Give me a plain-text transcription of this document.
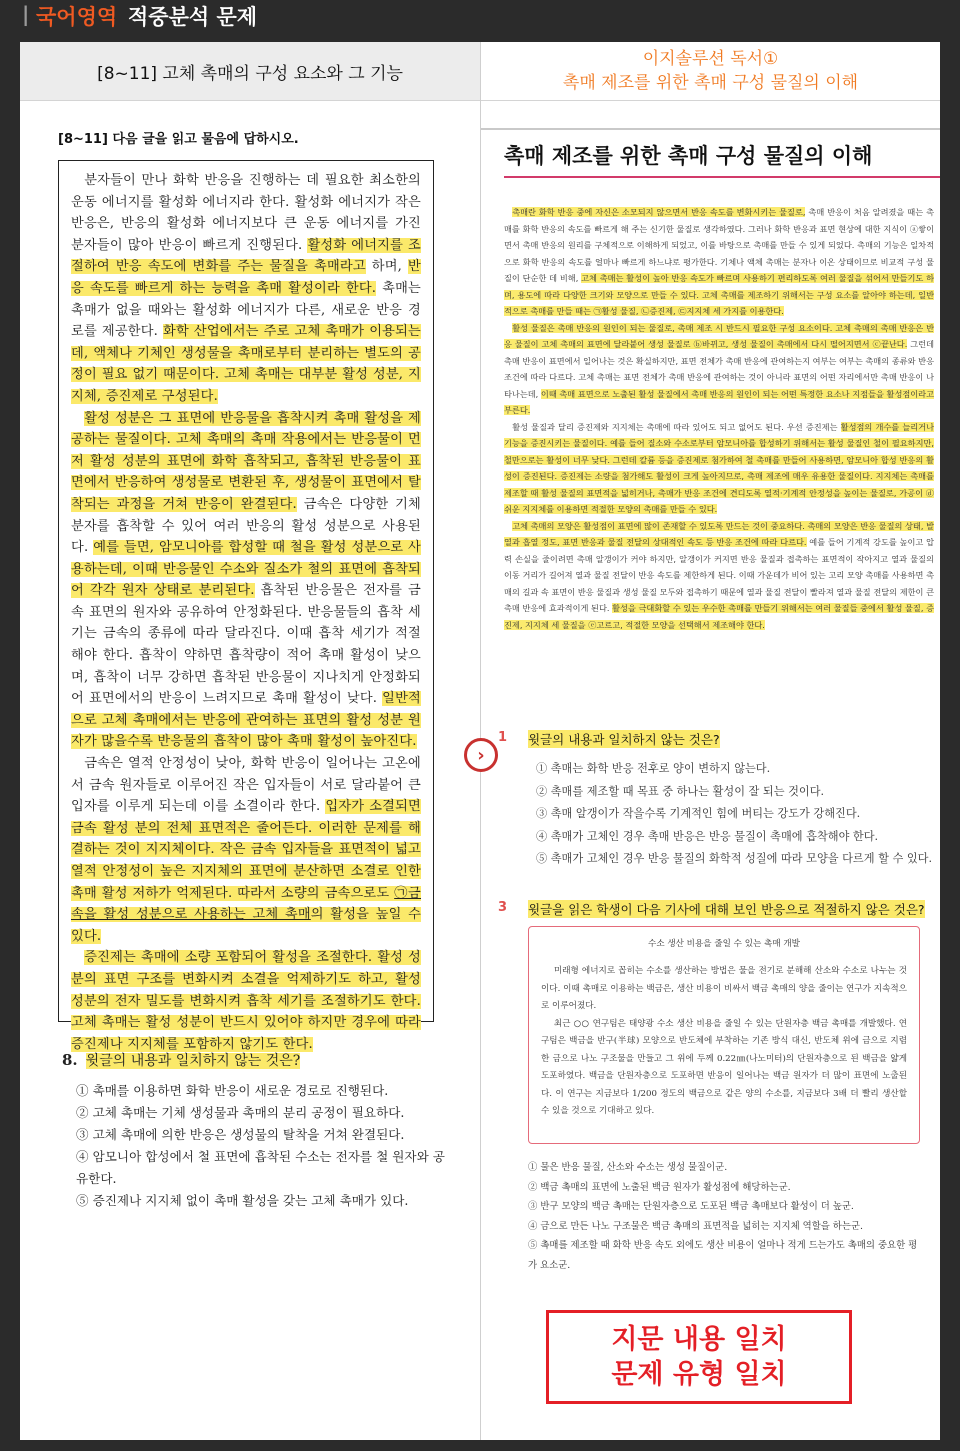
| 국어영역 적중분석 문제
[8~11] 고체 촉매의 구성 요소와 그 기능
이지솔루션 독서①
촉매 제조를 위한 촉매 구성 물질의 이해
[8~11] 다음 글을 읽고 물음에 답하시오.

분자들이 만나 화학 반응을 진행하는 데 필요한 최소한의 운동 에너지를 활성화 에너지라 한다. 활성화 에너지가 작은 반응은, 반응의 활성화 에너지보다 큰 운동 에너지를 가진 분자들이 많아 반응이 빠르게 진행된다. 활성화 에너지를 조절하여 반응 속도에 변화를 주는 물질을 촉매라고 하며, 반응 속도를 빠르게 하는 능력을 촉매 활성이라 한다. 촉매는 촉매가 없을 때와는 활성화 에너지가 다른, 새로운 반응 경로를 제공한다. 화학 산업에서는 주로 고체 촉매가 이용되는데, 액체나 기체인 생성물을 촉매로부터 분리하는 별도의 공정이 필요 없기 때문이다. 고체 촉매는 대부분 활성 성분, 지지체, 증진제로 구성된다.

활성 성분은 그 표면에 반응물을 흡착시켜 촉매 활성을 제공하는 물질이다. 고체 촉매의 촉매 작용에서는 반응물이 먼저 활성 성분의 표면에 화학 흡착되고, 흡착된 반응물이 표면에서 반응하여 생성물로 변환된 후, 생성물이 표면에서 탈착되는 과정을 거쳐 반응이 완결된다. 금속은 다양한 기체 분자를 흡착할 수 있어 여러 반응의 활성 성분으로 사용된다. 예를 들면, 암모니아를 합성할 때 철을 활성 성분으로 사용하는데, 이때 반응물인 수소와 질소가 철의 표면에 흡착되어 각각 원자 상태로 분리된다. 흡착된 반응물은 전자를 금속 표면의 원자와 공유하여 안정화된다. 반응물들의 흡착 세기는 금속의 종류에 따라 달라진다. 이때 흡착 세기가 적절해야 한다. 흡착이 약하면 흡착량이 적어 촉매 활성이 낮으며, 흡착이 너무 강하면 흡착된 반응물이 지나치게 안정화되어 표면에서의 반응이 느려지므로 촉매 활성이 낮다. 일반적으로 고체 촉매에서는 반응에 관여하는 표면의 활성 성분 원자가 많을수록 반응물의 흡착이 많아 촉매 활성이 높아진다.

금속은 열적 안정성이 낮아, 화학 반응이 일어나는 고온에서 금속 원자들로 이루어진 작은 입자들이 서로 달라붙어 큰 입자를 이루게 되는데 이를 소결이라 한다. 입자가 소결되면 금속 활성 분의 전체 표면적은 줄어든다. 이러한 문제를 해결하는 것이 지지체이다. 작은 금속 입자들을 표면적이 넓고 열적 안정성이 높은 지지체의 표면에 분산하면 소결로 인한 촉매 활성 저하가 억제된다. 따라서 소량의 금속으로도 ㉠금속을 활성 성분으로 사용하는 고체 촉매의 활성을 높일 수 있다.

증진제는 촉매에 소량 포함되어 활성을 조절한다. 활성 성분의 표면 구조를 변화시켜 소결을 억제하기도 하고, 활성 성분의 전자 밀도를 변화시켜 흡착 세기를 조절하기도 한다. 고체 촉매는 활성 성분이 반드시 있어야 하지만 경우에 따라 증진제나 지지체를 포함하지 않기도 한다.

8. 윗글의 내용과 일치하지 않는 것은?
① 촉매를 이용하면 화학 반응이 새로운 경로로 진행된다.
② 고체 촉매는 기체 생성물과 촉매의 분리 공정이 필요하다.
③ 고체 촉매에 의한 반응은 생성물의 탈착을 거쳐 완결된다.
④ 암모니아 합성에서 철 표면에 흡착된 수소는 전자를 철 원자와 공유한다.
⑤ 증진제나 지지체 없이 촉매 활성을 갖는 고체 촉매가 있다.
촉매 제조를 위한 촉매 구성 물질의 이해

촉매란 화학 반응 중에 자신은 소모되지 않으면서 반응 속도를 변화시키는 물질로, 촉매 반응이 처음 알려졌을 때는 촉매를 화학 반응의 속도를 빠르게 해 주는 신기한 물질로 생각하였다. 그러나 화학 반응과 표면 현상에 대한 지식이 ⓐ쌓이면서 촉매 반응의 원리를 구체적으로 이해하게 되었고, 이를 바탕으로 촉매를 만들 수 있게 되었다. 촉매의 기능은 일차적으로 화학 반응의 속도를 얼마나 빠르게 하느냐로 평가한다. 기체나 액체 촉매는 분자나 이온 상태이므로 비교적 구성 물질이 단순한 데 비해, 고체 촉매는 활성이 높아 반응 속도가 빠르며 사용하기 편리하도록 여러 물질을 섞어서 만들기도 하며, 용도에 따라 다양한 크기와 모양으로 만들 수 있다. 고체 촉매를 제조하기 위해서는 구성 요소를 알아야 하는데, 일반적으로 촉매를 만들 때는 ㉠활성 물질, ㉡증진제, ㉢지지체 세 가지를 이용한다.

활성 물질은 촉매 반응의 원인이 되는 물질로, 촉매 제조 시 반드시 필요한 구성 요소이다. 고체 촉매의 촉매 반응은 반응 물질이 고체 촉매의 표면에 달라붙어 생성 물질로 ⓑ바뀌고, 생성 물질이 촉매에서 다시 떨어지면서 ⓒ끝난다. 그런데 촉매 반응이 표면에서 일어나는 것은 확실하지만, 표면 전체가 촉매 반응에 관여하는지 여부는 여부는 촉매의 종류와 반응 조건에 따라 다르다. 고체 촉매는 표면 전체가 촉매 반응에 관여하는 것이 아니라 표면의 어떤 자리에서만 촉매 반응이 나타나는데, 이때 촉매 표면으로 노출된 활성 물질에서 촉매 반응의 원인이 되는 어떤 특정한 요소나 지점들을 활성점이라고 부른다.

활성 물질과 달리 증진제와 지지체는 촉매에 따라 있어도 되고 없어도 된다. 우선 증진제는 활성점의 개수를 늘리거나 기능을 증진시키는 물질이다. 예를 들어 질소와 수소로부터 암모니아를 합성하기 위해서는 활성 물질인 철이 필요하지만, 철만으로는 활성이 너무 낮다. 그런데 칼륨 등을 증진제로 첨가하여 철 촉매를 만들어 사용하면, 암모니아 합성 반응의 활성이 증진된다. 증진제는 소량을 첨가해도 활성이 크게 높아지므로, 촉매 제조에 매우 유용한 물질이다. 지지체는 촉매를 제조할 때 활성 물질의 표면적을 넓히거나, 촉매가 반응 조건에 견디도록 열적·기계적 안정성을 높이는 물질로, 가공이 ⓓ쉬운 지지체를 이용하면 적절한 모양의 촉매를 만들 수 있다.

고체 촉매의 모양은 활성점이 표면에 많이 존재할 수 있도록 만드는 것이 중요하다. 촉매의 모양은 반응 물질의 상태, 발열과 흡열 정도, 표면 반응과 물질 전달의 상대적인 속도 등 반응 조건에 따라 다르다. 예를 들어 기계적 강도를 높이고 압력 손실을 줄이려면 촉매 알갱이가 커야 하지만, 알갱이가 커지면 반응 물질과 접촉하는 표면적이 작아지고 열과 물질의 이동 거리가 길어져 열과 물질 전달이 반응 속도를 제한하게 된다. 이때 가운데가 비어 있는 고리 모양 촉매를 사용하면 촉매의 길과 속 표면이 반응 물질과 생성 물질 모두와 접촉하기 때문에 열과 물질 전달이 빨라져 열과 물질 전달의 제한이 큰 촉매 반응에 효과적이게 된다. 활성을 극대화할 수 있는 우수한 촉매를 만들기 위해서는 여러 물질들 중에서 활성 물질, 증진제, 지지체 세 물질을 ⓔ고르고, 적절한 모양을 선택해서 제조해야 한다.

›
1 윗글의 내용과 일치하지 않는 것은?
① 촉매는 화학 반응 전후로 양이 변하지 않는다.
② 촉매를 제조할 때 목표 중 하나는 활성이 잘 되는 것이다.
③ 촉매 알갱이가 작을수록 기계적인 힘에 버티는 강도가 강해진다.
④ 촉매가 고체인 경우 촉매 반응은 반응 물질이 촉매에 흡착해야 한다.
⑤ 촉매가 고체인 경우 반응 물질의 화학적 성질에 따라 모양을 다르게 할 수 있다.
3 윗글을 읽은 학생이 다음 기사에 대해 보인 반응으로 적절하지 않은 것은?
수소 생산 비용을 줄일 수 있는 촉매 개발

미래형 에너지로 꼽히는 수소를 생산하는 방법은 물을 전기로 분해해 산소와 수소로 나누는 것이다. 이때 촉매로 이용하는 백금은, 생산 비용이 비싸서 백금 촉매의 양을 줄이는 연구가 지속적으로 이루어졌다.

최근 ○○ 연구팀은 태양광 수소 생산 비용을 줄일 수 있는 단원자층 백금 촉매를 개발했다. 연구팀은 백금을 반구(半球) 모양으로 반도체에 부착하는 기존 방식 대신, 반도체 위에 금으로 지렴한 금으로 나노 구조물을 만들고 그 위에 두께 0.22㎚(나노미터)의 단원자층으로 된 백금을 얇게 도포하였다. 백금을 단원자층으로 도포하면 반응이 일어나는 백금 원자가 더 많이 표면에 노출된다. 이 연구는 지금보다 1/200 정도의 백금으로 같은 양의 수소를, 지금보다 3배 더 빨리 생산할 수 있을 것으로 기대하고 있다.

① 물은 반응 물질, 산소와 수소는 생성 물질이군.
② 백금 촉매의 표면에 노출된 백금 원자가 활성점에 해당하는군.
③ 반구 모양의 백금 촉매는 단원자층으로 도포된 백금 촉매보다 활성이 더 높군.
④ 금으로 만든 나노 구조물은 백금 촉매의 표면적을 넓히는 지지체 역할을 하는군.
⑤ 촉매를 제조할 때 화학 반응 속도 외에도 생산 비용이 얼마나 적게 드는가도 촉매의 중요한 평가 요소군.
지문 내용 일치
문제 유형 일치
